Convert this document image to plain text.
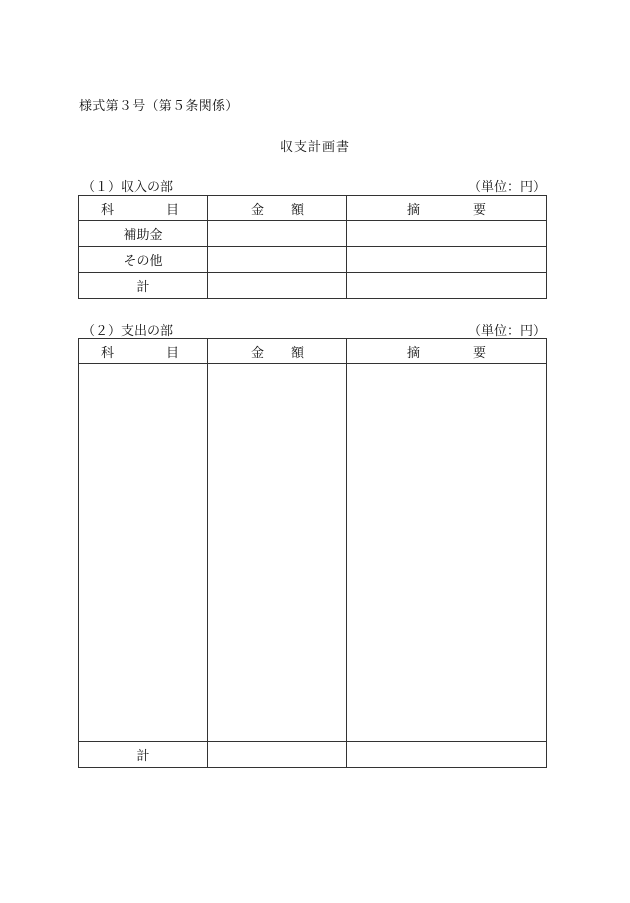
様式第３号（第５条関係）
収支計画書
（１）収入の部	（単位：円）
科 目	金 額	摘 要

補助金		
その他		
計		
（２）支出の部	（単位：円）
科 目	金 額	摘 要

計		
